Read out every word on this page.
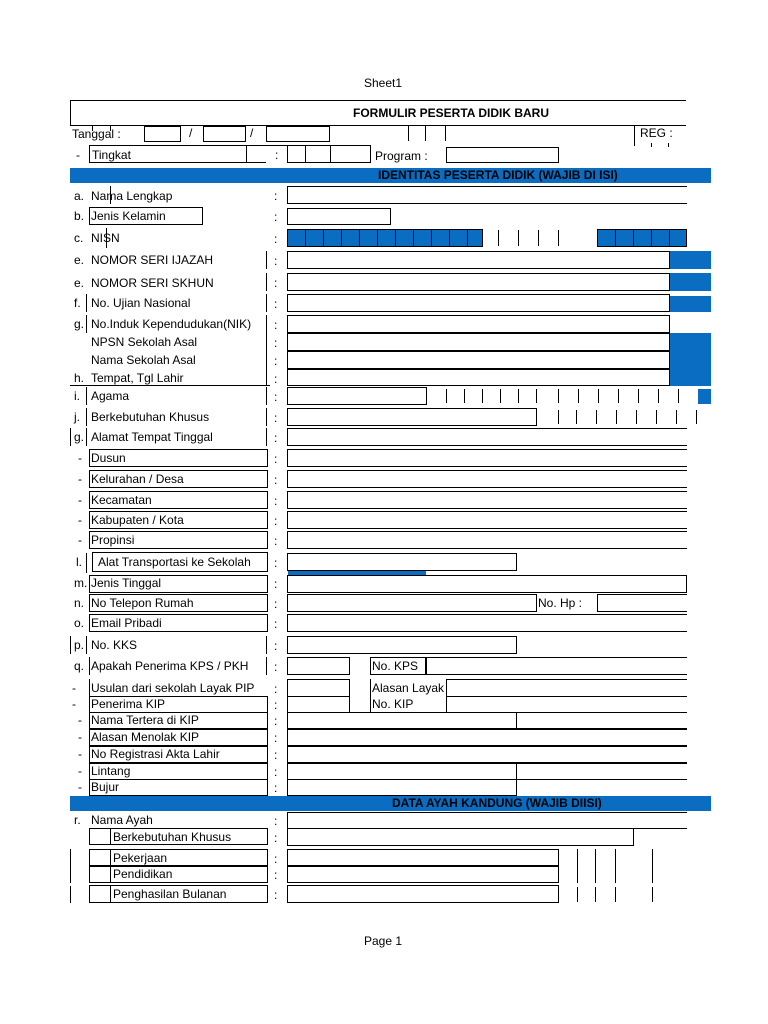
Sheet1
FORMULIR PESERTA DIDIK BARU
Tanggal :	/	/	REG :
- Tingkat	:	Program :
IDENTITAS PESERTA DIDIK (WAJIB DI ISI)
a. Nama Lengkap	:
b. Jenis Kelamin	:
c. NISN	:
e. NOMOR SERI IJAZAH	:
e. NOMOR SERI SKHUN	:
f. No. Ujian Nasional	:
g. No.Induk Kependudukan(NIK) :
NPSN Sekolah Asal	:
Nama Sekolah Asal	:
h. Tempat, Tgl Lahir	:
i. Agama	:
j. Berkebutuhan Khusus	:
g. Alamat Tempat Tinggal	:
- Dusun	:
- Kelurahan / Desa	:
- Kecamatan	:
- Kabupaten / Kota	:
- Propinsi	:
l. Alat Transportasi ke Sekolah :
m. Jenis Tinggal	:
n. No Telepon Rumah	:	No. Hp :
o. Email Pribadi	:
p. No. KKS	:
q. Apakah Penerima KPS / PKH :	No. KPS
- Usulan dari sekolah Layak PIP :	Alasan Layak
- Penerima KIP	:	No. KIP
- Nama Tertera di KIP	:
- Alasan Menolak KIP	:
- No Registrasi Akta Lahir	:
- Lintang	:
- Bujur	:
DATA AYAH KANDUNG (WAJIB DIISI)
r. Nama Ayah	:
Berkebutuhan Khusus	:
Pekerjaan	:
Pendidikan	:
Penghasilan Bulanan	:
Page 1
